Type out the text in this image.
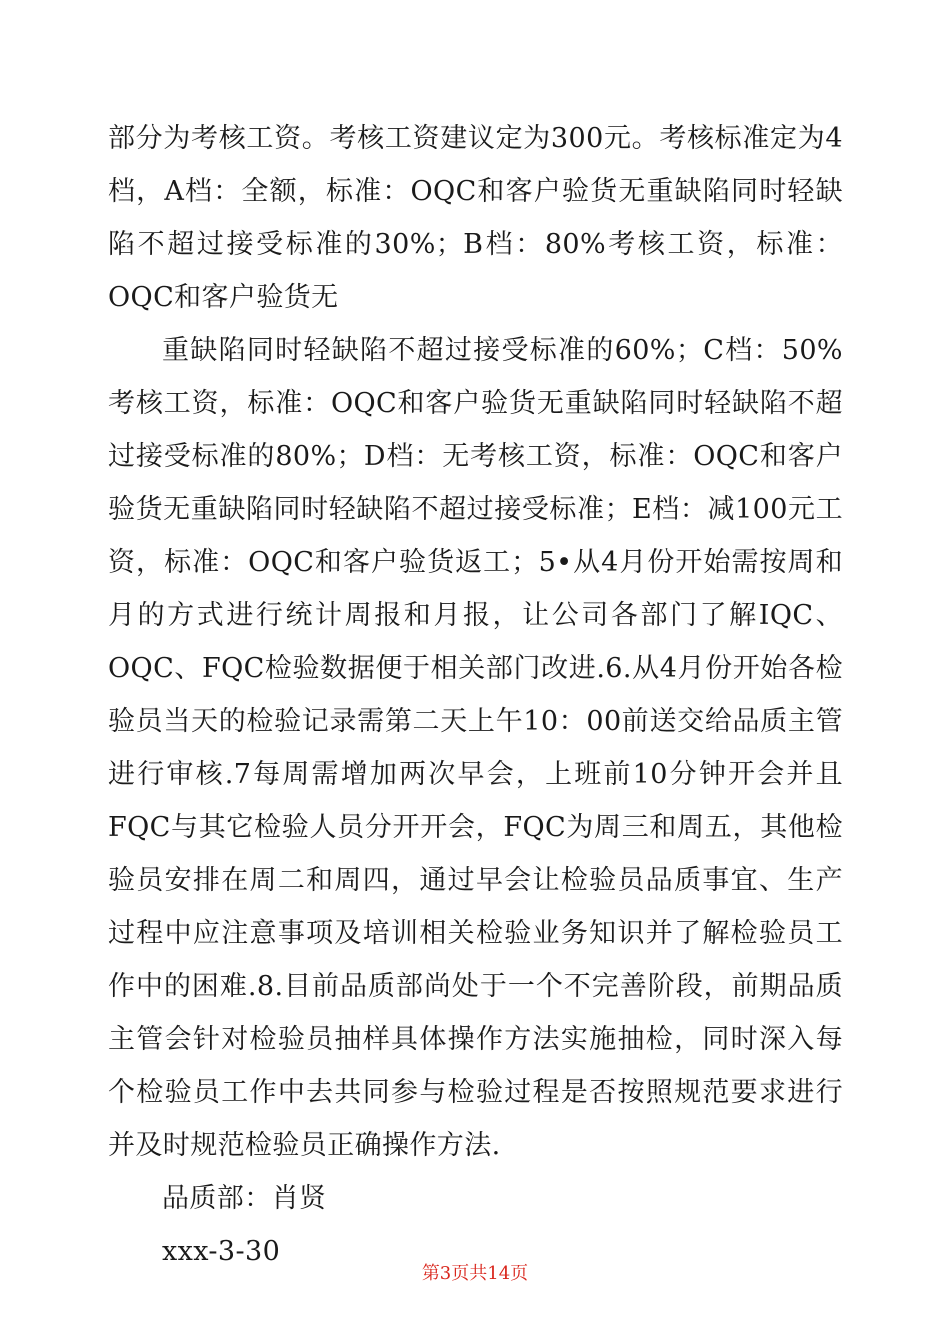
部分为考核工资。考核工资建议定为300元。考核标准定为4档，A档：全额，标准：OQC和客户验货无重缺陷同时轻缺陷不超过接受标准的30%；B档：80%考核工资，标准：OQC和客户验货无

重缺陷同时轻缺陷不超过接受标准的60%；C档：50%考核工资，标准：OQC和客户验货无重缺陷同时轻缺陷不超过接受标准的80%；D档：无考核工资，标准：OQC和客户验货无重缺陷同时轻缺陷不超过接受标准；E档：减100元工资，标准：OQC和客户验货返工；5•从4月份开始需按周和月的方式进行统计周报和月报，让公司各部门了解IQC、OQC、FQC检验数据便于相关部门改进.6.从4月份开始各检验员当天的检验记录需第二天上午10：00前送交给品质主管进行审核.7每周需增加两次早会，上班前10分钟开会并且FQC与其它检验人员分开开会，FQC为周三和周五，其他检验员安排在周二和周四，通过早会让检验员品质事宜、生产过程中应注意事项及培训相关检验业务知识并了解检验员工作中的困难.8.目前品质部尚处于一个不完善阶段，前期品质主管会针对检验员抽样具体操作方法实施抽检，同时深入每个检验员工作中去共同参与检验过程是否按照规范要求进行并及时规范检验员正确操作方法.

品质部：肖贤

xxx-3-30

第3页共14页
